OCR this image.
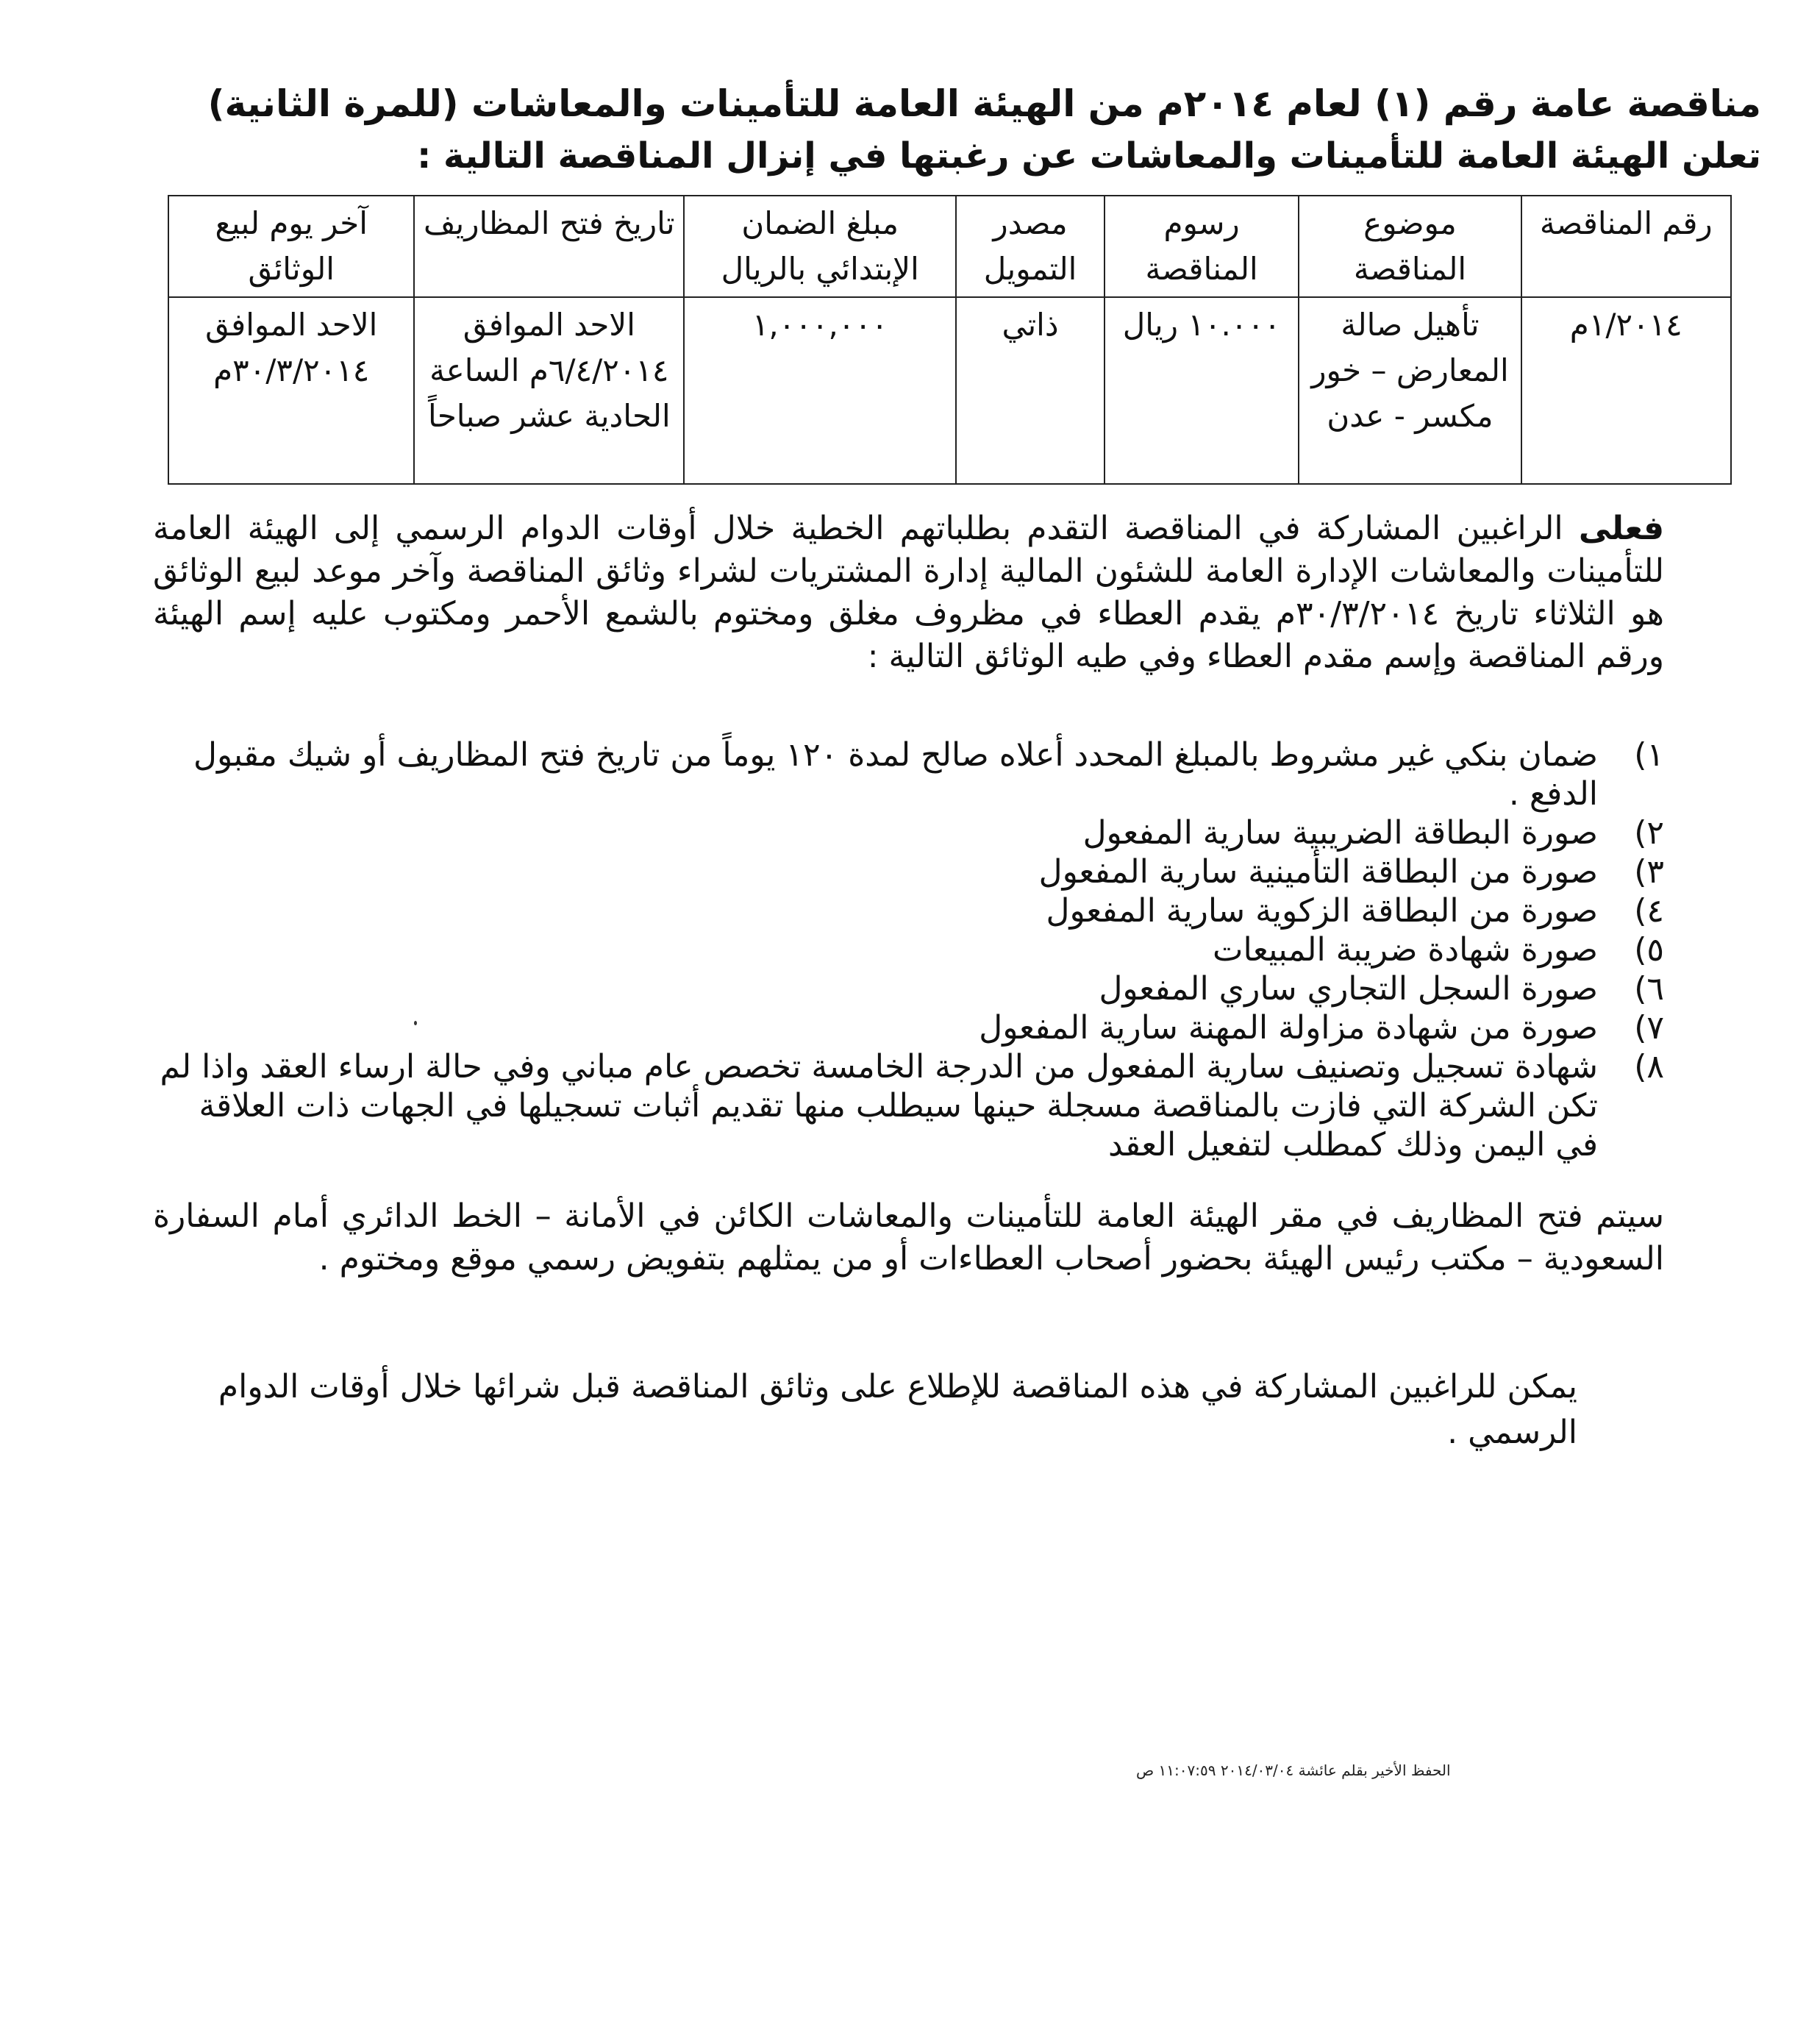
مناقصة عامة رقم (١) لعام ٢٠١٤م من الهيئة العامة للتأمينات والمعاشات (للمرة الثانية)
تعلن الهيئة العامة للتأمينات والمعاشات عن رغبتها في إنزال المناقصة التالية :
رقم المناقصة	موضوع المناقصة	رسوم المناقصة	مصدر التمويل	مبلغ الضمان الإبتدائي بالريال	تاريخ فتح المظاريف	آخر يوم لبيع الوثائق
١/٢٠١٤م	تأهيل صالة المعارض – خور مكسر - عدن	١٠.٠٠٠ ريال	ذاتي	١,٠٠٠,٠٠٠	الاحد الموافق ٦/٤/٢٠١٤م الساعة الحادية عشر صباحاً	الاحد الموافق ٣٠/٣/٢٠١٤م
فعلى الراغبين المشاركة في المناقصة التقدم بطلباتهم الخطية خلال أوقات الدوام الرسمي إلى الهيئة العامة للتأمينات والمعاشات الإدارة العامة للشئون المالية إدارة المشتريات لشراء وثائق المناقصة وآخر موعد لبيع الوثائق هو الثلاثاء تاريخ ٣٠/٣/٢٠١٤م يقدم العطاء في مظروف مغلق ومختوم بالشمع الأحمر ومكتوب عليه إسم الهيئة ورقم المناقصة وإسم مقدم العطاء وفي طيه الوثائق التالية :
١)
ضمان بنكي غير مشروط بالمبلغ المحدد أعلاه صالح لمدة ١٢٠ يوماً من تاريخ فتح المظاريف أو شيك مقبول الدفع .
٢)
صورة البطاقة الضريبية سارية المفعول
٣)
صورة من البطاقة التأمينية سارية المفعول
٤)
صورة من البطاقة الزكوية سارية المفعول
٥)
صورة شهادة ضريبة المبيعات
٦)
صورة السجل التجاري ساري المفعول
٧)
صورة من شهادة مزاولة المهنة سارية المفعول
٨)
شهادة تسجيل وتصنيف سارية المفعول من الدرجة الخامسة تخصص عام مباني وفي حالة ارساء العقد واذا لم تكن الشركة التي فازت بالمناقصة مسجلة حينها سيطلب منها تقديم أثبات تسجيلها في الجهات ذات العلاقة في اليمن وذلك كمطلب لتفعيل العقد
سيتم فتح المظاريف في مقر الهيئة العامة للتأمينات والمعاشات الكائن في الأمانة – الخط الدائري أمام السفارة السعودية – مكتب رئيس الهيئة بحضور أصحاب العطاءات أو من يمثلهم بتفويض رسمي موقع ومختوم .
يمكن للراغبين المشاركة في هذه المناقصة للإطلاع على وثائق المناقصة قبل شرائها خلال أوقات الدوام الرسمي .
الحفظ الأخير بقلم عائشة ٢٠١٤/٠٣/٠٤ ١١:٠٧:٥٩ ص
